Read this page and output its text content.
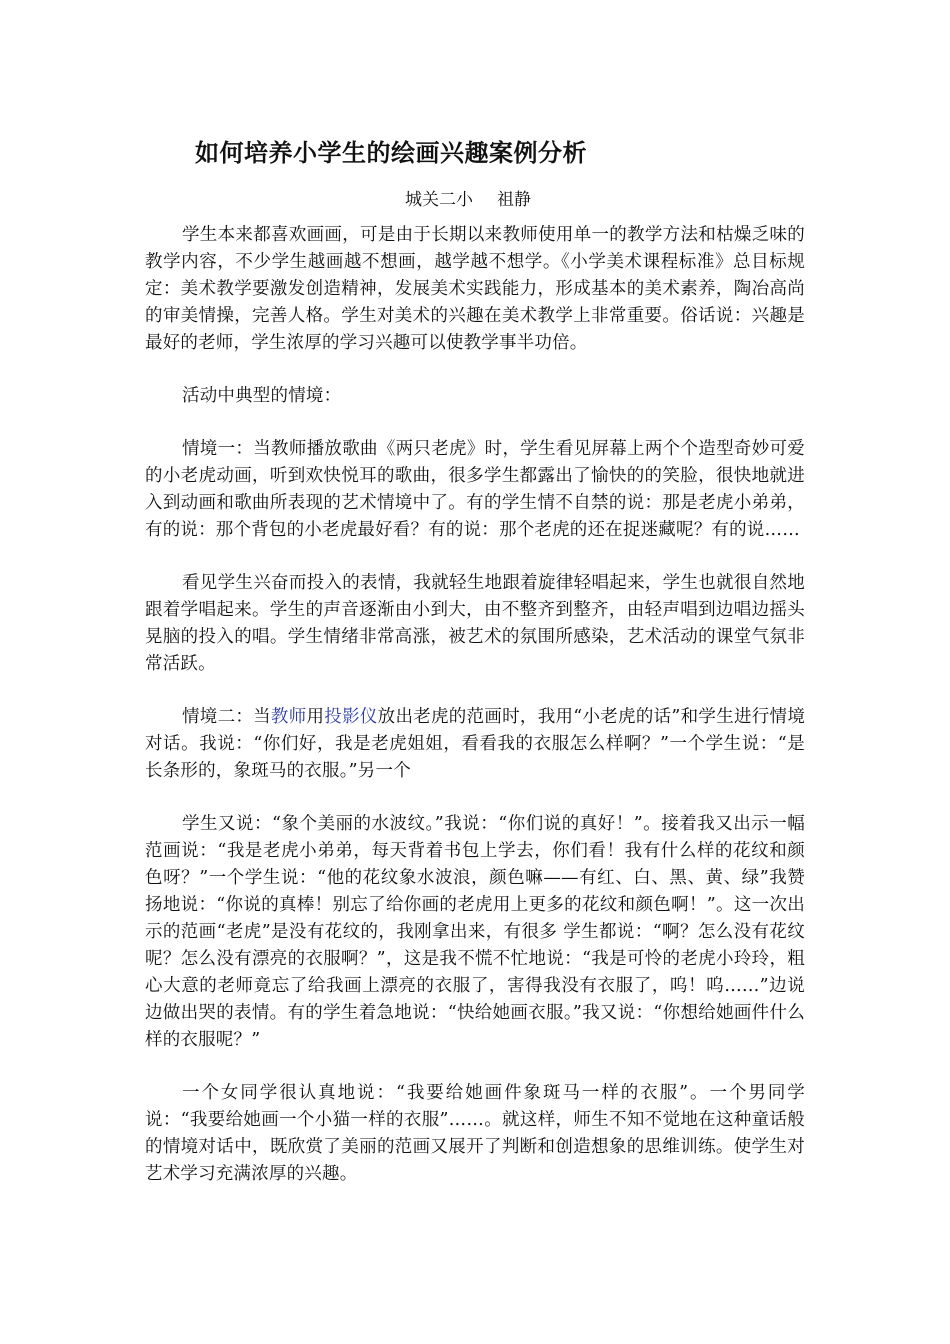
如何培养小学生的绘画兴趣案例分析
城关二小 祖静

学生本来都喜欢画画，可是由于长期以来教师使用单一的教学方法和枯燥乏味的教学内容，不少学生越画越不想画，越学越不想学。《小学美术课程标准》总目标规定：美术教学要激发创造精神，发展美术实践能力，形成基本的美术素养，陶冶高尚的审美情操，完善人格。学生对美术的兴趣在美术教学上非常重要。俗话说：兴趣是最好的老师，学生浓厚的学习兴趣可以使教学事半功倍。

活动中典型的情境：

情境一：当教师播放歌曲《两只老虎》时，学生看见屏幕上两个个造型奇妙可爱的小老虎动画，听到欢快悦耳的歌曲，很多学生都露出了愉快的的笑脸，很快地就进入到动画和歌曲所表现的艺术情境中了。有的学生情不自禁的说：那是老虎小弟弟，有的说：那个背包的小老虎最好看？有的说：那个老虎的还在捉迷藏呢？有的说……

看见学生兴奋而投入的表情，我就轻生地跟着旋律轻唱起来，学生也就很自然地跟着学唱起来。学生的声音逐渐由小到大，由不整齐到整齐，由轻声唱到边唱边摇头晃脑的投入的唱。学生情绪非常高涨，被艺术的氛围所感染，艺术活动的课堂气氛非常活跃。

情境二：当教师用投影仪放出老虎的范画时，我用“小老虎的话”和学生进行情境对话。我说：“你们好，我是老虎姐姐，看看我的衣服怎么样啊？”一个学生说：“是长条形的，象斑马的衣服。”另一个

学生又说：“象个美丽的水波纹。”我说：“你们说的真好！”。接着我又出示一幅范画说：“我是老虎小弟弟，每天背着书包上学去，你们看！我有什么样的花纹和颜色呀？”一个学生说：“他的花纹象水波浪，颜色嘛——有红、白、黑、黄、绿”我赞扬地说：“你说的真棒！别忘了给你画的老虎用上更多的花纹和颜色啊！”。这一次出示的范画“老虎”是没有花纹的，我刚拿出来，有很多 学生都说：“啊？怎么没有花纹呢？怎么没有漂亮的衣服啊？”，这是我不慌不忙地说：“我是可怜的老虎小玲玲，粗心大意的老师竟忘了给我画上漂亮的衣服了，害得我没有衣服了，呜！呜……”边说边做出哭的表情。有的学生着急地说：“快给她画衣服。”我又说：“你想给她画件什么样的衣服呢？”

一个女同学很认真地说：“我要给她画件象斑马一样的衣服”。一个男同学说：“我要给她画一个小猫一样的衣服”……。就这样，师生不知不觉地在这种童话般的情境对话中，既欣赏了美丽的范画又展开了判断和创造想象的思维训练。使学生对艺术学习充满浓厚的兴趣。
